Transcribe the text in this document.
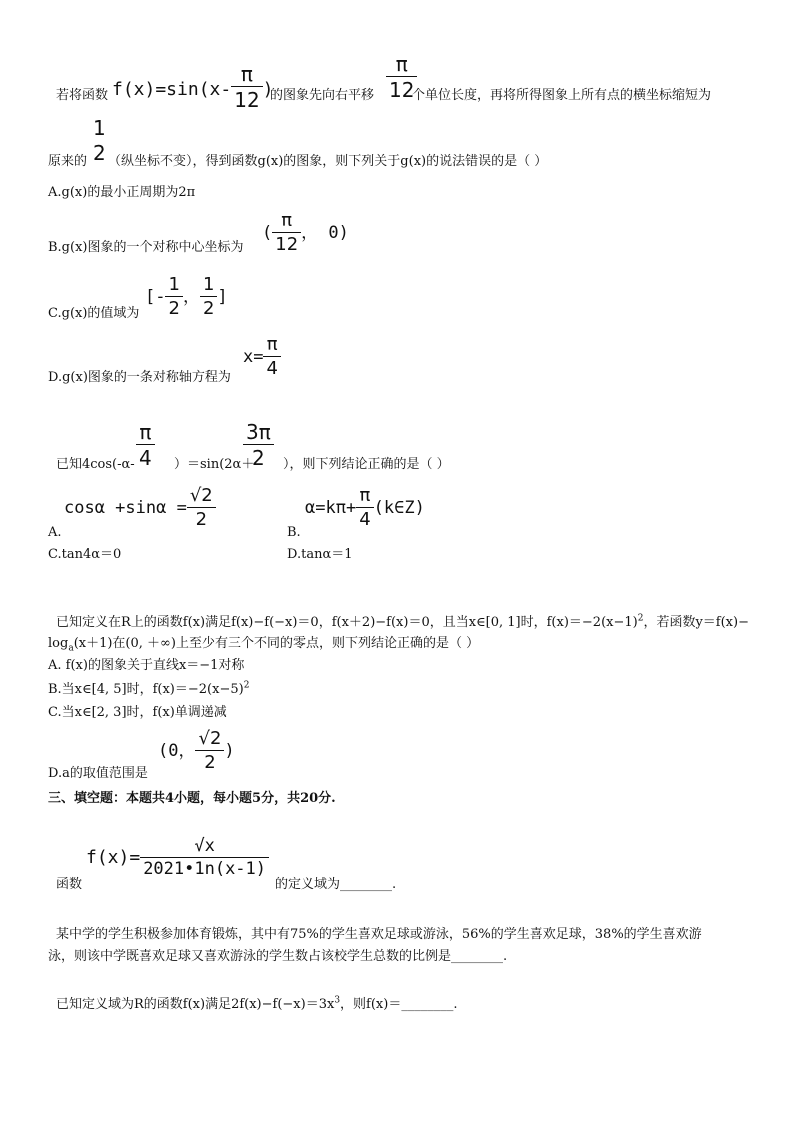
若将函数 $f(x)=\sin(x- \frac{\pi}{12}$ )
的图象先向右平移 $\frac{\pi}{12}$
个单位长度，再将所得图象上所有点的横坐标缩短为
原来的
1
2 （纵坐标不变），得到函数g(x)的图象，则下列关于g(x)的说法错误的是（ ）
A.g(x)的最小正周期为2π
B.g(x)图象的一个对称中心坐标为
( $\frac{\pi}{12}$ ， 0)
C.g(x)的值域为
[- $\frac{1}{2}$ ， $\frac{1}{2}$ ]
D.g(x)图象的一条对称轴方程为
$x= \frac{\pi}{4}$
已知$4\cos(-\alpha- \frac{\pi}{4} )=\sin(2\alpha+$
$\frac{3\pi}{2}$ ），则下列结论正确的是（ ）
A.
$\cos\alpha +\sin\alpha = \frac{√2}{2}$
B.
$\alpha=k\pi+ \frac{\pi}{4}$ (k∈Z)
C.tan4α＝0	D.tanα＝1
已知定义在R上的函数f(x)满足f(x)−f(−x)＝0，f(x＋2)−f(x)＝0，且当x∈[0, 1]时，$f(x)=-2(x-1)^2$，若函数y＝f(x)−
$\log_a(x+1)$在(0, ＋∞)上至少有三个不同的零点，则下列结论正确的是（ ）
A. f(x)的图象关于直线x＝−1对称
B.当x∈[4, 5]时，$f(x)=-2(x-5)^2$
C.当x∈[2, 3]时，f(x)单调递减
D.a的取值范围是
(0， $\frac{√2}{2}$ )
三、填空题：本题共4小题，每小题5分，共20分.
函数
$f(x)= \frac{√x}{2021•1n(x-1)}$
的定义域为________.
某中学的学生积极参加体育锻炼，其中有75%的学生喜欢足球或游泳，56%的学生喜欢足球，38%的学生喜欢游
泳，则该中学既喜欢足球又喜欢游泳的学生数占该校学生总数的比例是________.
已知定义域为R的函数f(x)满足$2f(x)-f(-x)=3x^3$，则f(x)＝________.
